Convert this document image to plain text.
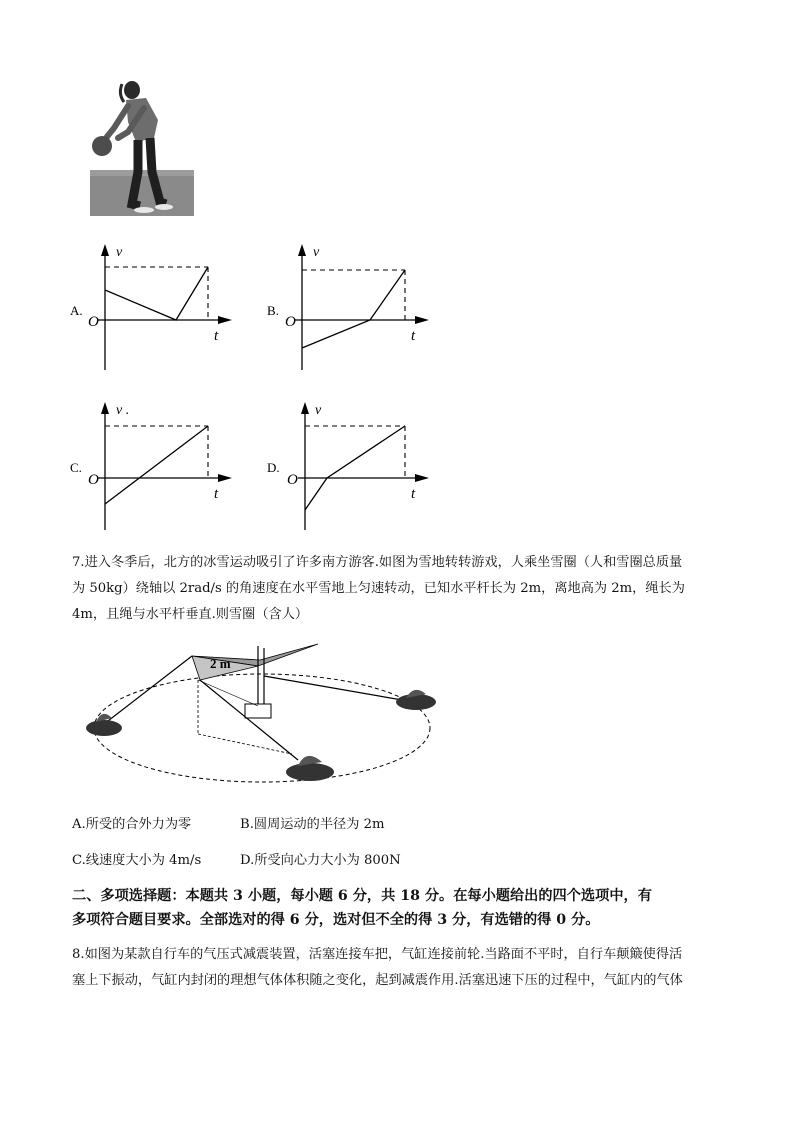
A.
v
O
t
B.
v
O
t
C.
v .
O
t
D.
v
O
t
7.进入冬季后，北方的冰雪运动吸引了许多南方游客.如图为雪地转转游戏，人乘坐雪圈（人和雪圈总质量
为 50kg）绕轴以 2rad/s 的角速度在水平雪地上匀速转动，已知水平杆长为 2m，离地高为 2m，绳长为
4m，且绳与水平杆垂直.则雪圈（含人）
2 m
A.所受的合外力为零	B.圆周运动的半径为 2m
C.线速度大小为 4m/s	D.所受向心力大小为 800N
二、多项选择题：本题共 3 小题，每小题 6 分，共 18 分。在每小题给出的四个选项中，有
多项符合题目要求。全部选对的得 6 分，选对但不全的得 3 分，有选错的得 0 分。
8.如图为某款自行车的气压式减震装置，活塞连接车把，气缸连接前轮.当路面不平时，自行车颠簸使得活
塞上下振动，气缸内封闭的理想气体体积随之变化，起到减震作用.活塞迅速下压的过程中，气缸内的气体
